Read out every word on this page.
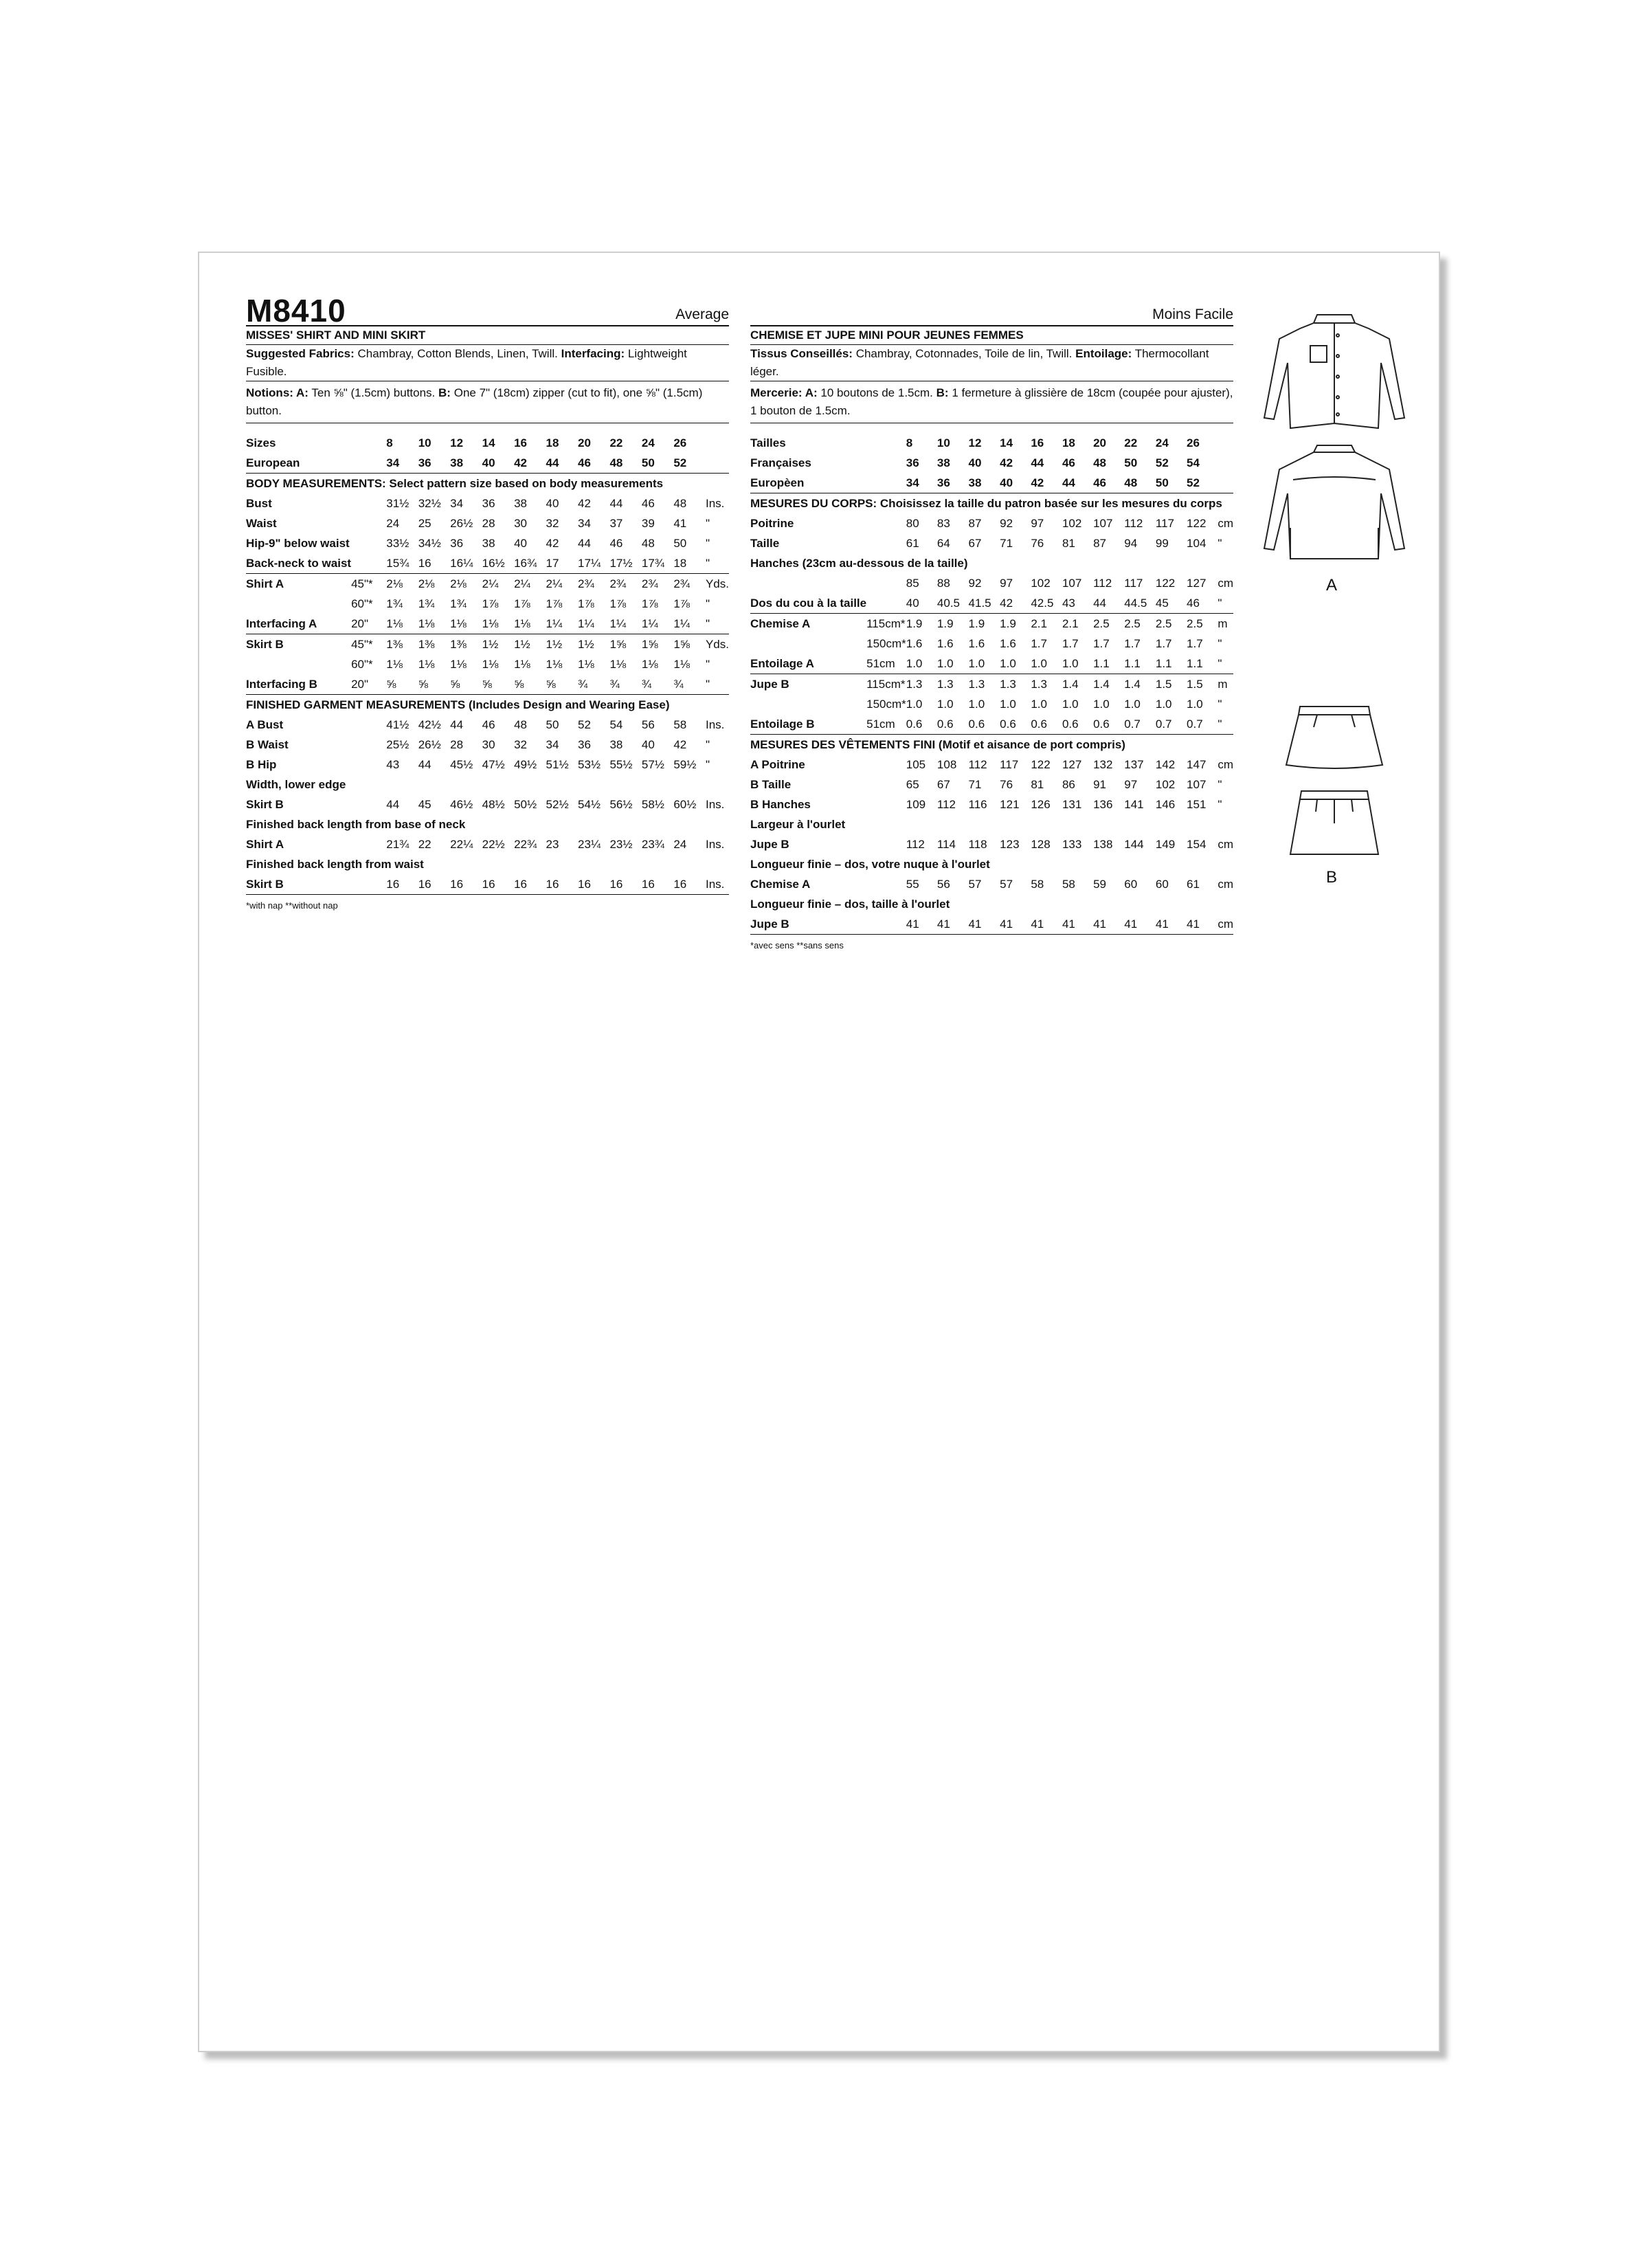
M8410	Average
MISSES' SHIRT AND MINI SKIRT
Suggested Fabrics: Chambray, Cotton Blends, Linen, Twill. Interfacing: Lightweight Fusible.
Notions: A: Ten ⅝" (1.5cm) buttons. B: One 7" (18cm) zipper (cut to fit), one ⅝" (1.5cm) button.
Sizes		8	10	12	14	16	18	20	22	24	26	
European		34	36	38	40	42	44	46	48	50	52	
BODY MEASUREMENTS: Select pattern size based on body measurements												
Bust		31½	32½	34	36	38	40	42	44	46	48	Ins.
Waist		24	25	26½	28	30	32	34	37	39	41	"
Hip-9" below waist		33½	34½	36	38	40	42	44	46	48	50	"
Back-neck to waist		15¾	16	16¼	16½	16¾	17	17¼	17½	17¾	18	"
Shirt A	45"*	2⅛	2⅛	2⅛	2¼	2¼	2¼	2¾	2¾	2¾	2¾	Yds.
	60"*	1¾	1¾	1¾	1⅞	1⅞	1⅞	1⅞	1⅞	1⅞	1⅞	"
Interfacing A	20"	1⅛	1⅛	1⅛	1⅛	1⅛	1¼	1¼	1¼	1¼	1¼	"
Skirt B	45"*	1⅜	1⅜	1⅜	1½	1½	1½	1½	1⅝	1⅝	1⅝	Yds.
	60"*	1⅛	1⅛	1⅛	1⅛	1⅛	1⅛	1⅛	1⅛	1⅛	1⅛	"
Interfacing B	20"	⅝	⅝	⅝	⅝	⅝	⅝	¾	¾	¾	¾	"
FINISHED GARMENT MEASUREMENTS (Includes Design and Wearing Ease)												
A Bust		41½	42½	44	46	48	50	52	54	56	58	Ins.
B Waist		25½	26½	28	30	32	34	36	38	40	42	"
B Hip		43	44	45½	47½	49½	51½	53½	55½	57½	59½	"
Width, lower edge												
Skirt B		44	45	46½	48½	50½	52½	54½	56½	58½	60½	Ins.
Finished back length from base of neck												
Shirt A		21¾	22	22¼	22½	22¾	23	23¼	23½	23¾	24	Ins.
Finished back length from waist												
Skirt B		16	16	16	16	16	16	16	16	16	16	Ins.
*with nap **without nap
Moins Facile
CHEMISE ET JUPE MINI POUR JEUNES FEMMES
Tissus Conseillés: Chambray, Cotonnades, Toile de lin, Twill. Entoilage: Thermocollant léger.
Mercerie: A: 10 boutons de 1.5cm. B: 1 fermeture à glissière de 18cm (coupée pour ajuster),
1 bouton de 1.5cm.
Tailles		8	10	12	14	16	18	20	22	24	26	
Françaises		36	38	40	42	44	46	48	50	52	54	
Europèen		34	36	38	40	42	44	46	48	50	52	
MESURES DU CORPS: Choisissez la taille du patron basée sur les mesures du corps												
Poitrine		80	83	87	92	97	102	107	112	117	122	cm
Taille		61	64	67	71	76	81	87	94	99	104	"
Hanches (23cm au-dessous de la taille)												
		85	88	92	97	102	107	112	117	122	127	cm
Dos du cou à la taille		40	40.5	41.5	42	42.5	43	44	44.5	45	46	"
Chemise A	115cm*	1.9	1.9	1.9	1.9	2.1	2.1	2.5	2.5	2.5	2.5	m
	150cm*	1.6	1.6	1.6	1.6	1.7	1.7	1.7	1.7	1.7	1.7	"
Entoilage A	51cm	1.0	1.0	1.0	1.0	1.0	1.0	1.1	1.1	1.1	1.1	"
Jupe B	115cm*	1.3	1.3	1.3	1.3	1.3	1.4	1.4	1.4	1.5	1.5	m
	150cm*	1.0	1.0	1.0	1.0	1.0	1.0	1.0	1.0	1.0	1.0	"
Entoilage B	51cm	0.6	0.6	0.6	0.6	0.6	0.6	0.6	0.7	0.7	0.7	"
MESURES DES VÊTEMENTS FINI (Motif et aisance de port compris)												
A Poitrine		105	108	112	117	122	127	132	137	142	147	cm
B Taille		65	67	71	76	81	86	91	97	102	107	"
B Hanches		109	112	116	121	126	131	136	141	146	151	"
Largeur à l'ourlet												
Jupe B		112	114	118	123	128	133	138	144	149	154	cm
Longueur finie – dos, votre nuque à l'ourlet												
Chemise A		55	56	57	57	58	58	59	60	60	61	cm
Longueur finie – dos, taille à l'ourlet												
Jupe B		41	41	41	41	41	41	41	41	41	41	cm
*avec sens **sans sens
A
B
